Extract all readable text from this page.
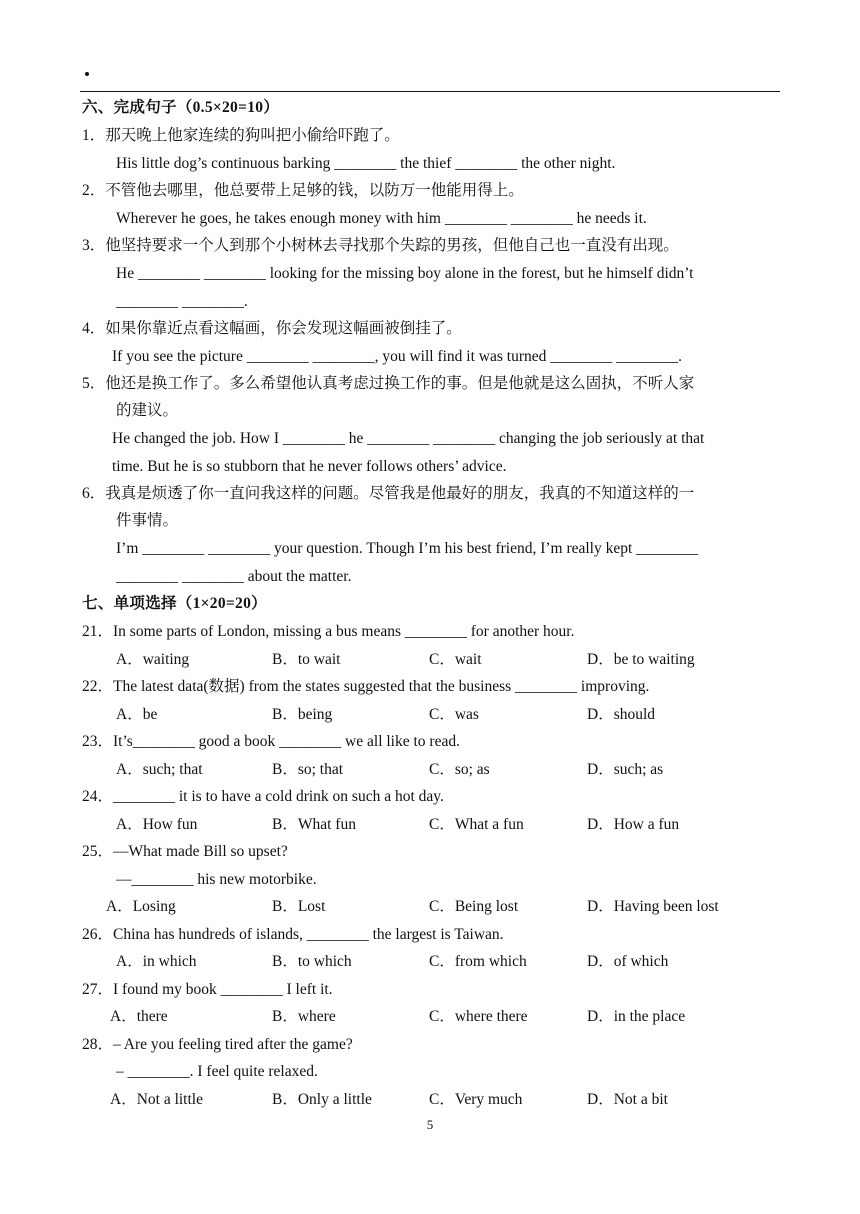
六、完成句子（0.5×20=10）
1．那天晚上他家连续的狗叫把小偷给吓跑了。
His little dog’s continuous barking ________ the thief ________ the other night.
2．不管他去哪里，他总要带上足够的钱，以防万一他能用得上。
Wherever he goes, he takes enough money with him ________ ________ he needs it.
3．他坚持要求一个人到那个小树林去寻找那个失踪的男孩，但他自己也一直没有出现。
He ________ ________ looking for the missing boy alone in the forest, but he himself didn’t
________ ________.
4．如果你靠近点看这幅画，你会发现这幅画被倒挂了。
If you see the picture ________ ________, you will find it was turned ________ ________.
5．他还是换工作了。多么希望他认真考虑过换工作的事。但是他就是这么固执，不听人家
的建议。
He changed the job. How I ________ he ________ ________ changing the job seriously at that
time. But he is so stubborn that he never follows others’ advice.
6．我真是烦透了你一直问我这样的问题。尽管我是他最好的朋友，我真的不知道这样的一
件事情。
I’m ________ ________ your question. Though I’m his best friend, I’m really kept ________
________ ________ about the matter.
七、单项选择（1×20=20）
21．In some parts of London, missing a bus means ________ for another hour.
A．waiting	B．to wait	C．wait	D．be to waiting
22．The latest data(数据) from the states suggested that the business ________ improving.
A．be	B．being	C．was	D．should
23．It’s________ good a book ________ we all like to read.
A．such; that	B．so; that	C．so; as	D．such; as
24．________ it is to have a cold drink on such a hot day.
A．How fun	B．What fun	C．What a fun	D．How a fun
25．—What made Bill so upset?
—________ his new motorbike.
A．Losing	B．Lost	C．Being lost	D．Having been lost
26．China has hundreds of islands, ________ the largest is Taiwan.
A．in which	B．to which	C．from which	D．of which
27．I found my book ________ I left it.
A．there	B．where	C．where there	D．in the place
28．– Are you feeling tired after the game?
– ________. I feel quite relaxed.
A．Not a little	B．Only a little	C．Very much	D．Not a bit
5
